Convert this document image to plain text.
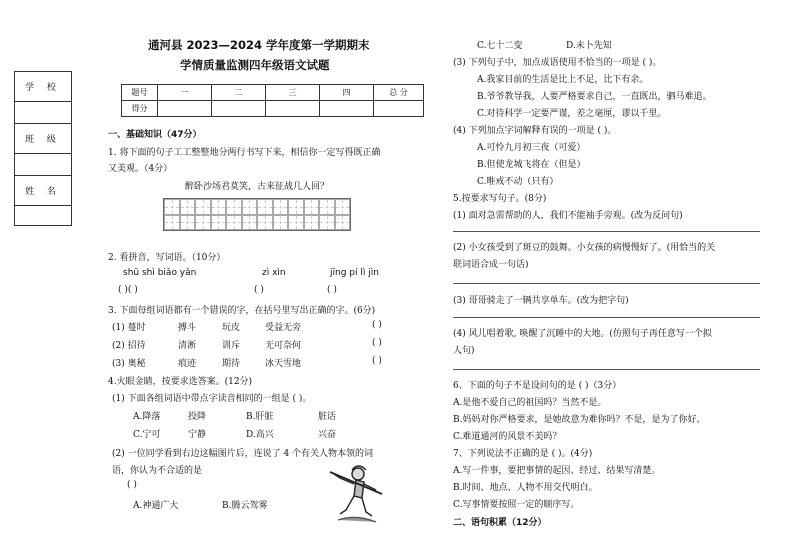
学 校
班 级
姓 名
通河县 2023—2024 学年度第一学期期末
学情质量监测四年级语文试题
题号	一	二	三	四	总 分
得分					
一、基础知识（47分）
1. 将下面的句子工工整整地分两行书写下来，相信你一定写得既正确
又美观。（4分）
醉卧沙场君莫笑，古来征战几人回？
2. 看拼音，写词语。（10分）
shū shì biǎo yǎn	zì xìn	jīng pí lì jìn
( )( )	( )	( )
3. 下面每组词语都有一个错误的字，在括号里写出正确的字。(6分)
(1) 蔓时	搏斗	玩皮	受益无旁	( )
(2) 招待	清淅	训斥	无可奈何	( )
(3) 奥秘	痕迹	期待	冰天雪地	( )
4.火眼金睛，按要求选答案。(12分)
(1) 下面各组词语中带点字读音相同的一组是 ( )。
A.降落	投降	B.肝脏	脏话
C.宁可	宁静	D.高兴	兴奋
(2) 一位同学看到右边这幅图片后，连说了 4 个有关人物本领的词
语，你认为不合适的是
( )
A.神通广大	B.腾云驾雾
C.七十二变	D.未卜先知
(3) 下列句子中，加点成语使用不恰当的一项是 ( )。
A.我家目前的生活是比上不足，比下有余。
B.爷爷教导我，人要严格要求自己，一直既出，驷马难追。
C.对待科学一定要严谨，差之毫厘，谬以千里。
(4) 下列加点字词解释有误的一项是 ( )。
A.可怜九月初三夜（可爱）
B.但使龙城飞将在（但是）
C.唯戒不动（只有）
5.按要求写句子。(8分)
(1) 面对急需帮助的人，我们不能袖手旁观。(改为反问句)
(2) 小女孩受到了斑豆的鼓舞。小女孩的病慢慢好了。(用恰当的关
联词语合成一句话)
(3) 哥哥骑走了一辆共享单车。(改为把字句)
(4) 风儿唱着歌, 唤醒了沉睡中的大地。(仿照句子再任意写一个拟
人句)
6、下面的句子不是设问句的是 ( )（3分）
A.是他不爱自己的祖国吗？当然不是。
B.妈妈对你严格要求，是她故意为难你吗？不是，是为了你好。
C.难道通河的风景不美吗？
7、下列说法不正确的是 ( )。(4分)
A.写一件事，要把事情的起因、经过、结果写清楚。
B.时间、地点、人物不用交代明白。
C.写事情要按照一定的顺序写。
二、语句积累（12分）
